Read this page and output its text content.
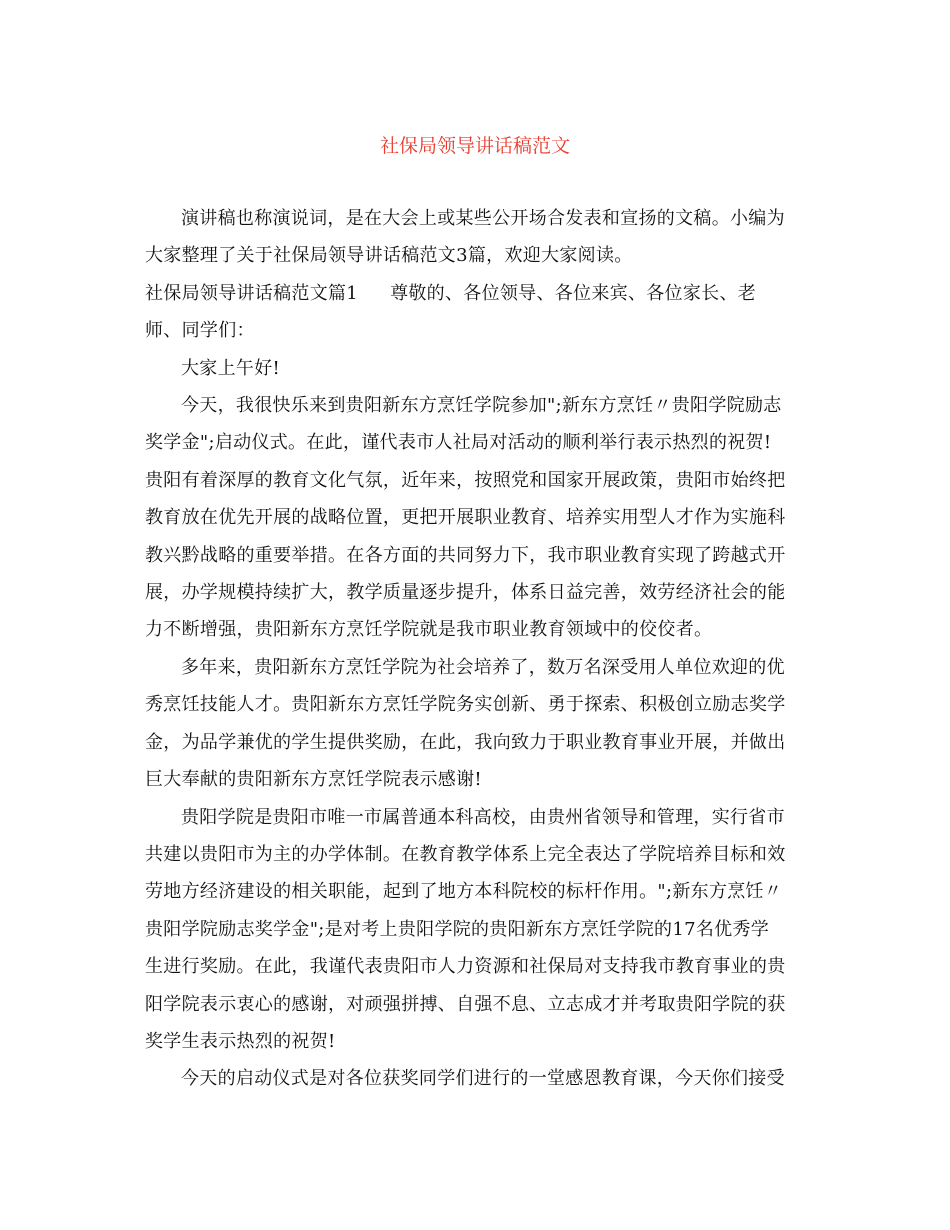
社保局领导讲话稿范文

演讲稿也称演说词，是在大会上或某些公开场合发表和宣扬的文稿。小编为
大家整理了关于社保局领导讲话稿范文3篇，欢迎大家阅读。

社保局领导讲话稿范文篇1 尊敬的、各位领导、各位来宾、各位家长、老
师、同学们：

大家上午好!

今天，我很快乐来到贵阳新东方烹饪学院参加";新东方烹饪〃贵阳学院励志
奖学金";启动仪式。在此，谨代表市人社局对活动的顺利举行表示热烈的祝贺!
贵阳有着深厚的教育文化气氛，近年来，按照党和国家开展政策，贵阳市始终把
教育放在优先开展的战略位置，更把开展职业教育、培养实用型人才作为实施科
教兴黔战略的重要举措。在各方面的共同努力下，我市职业教育实现了跨越式开
展，办学规模持续扩大，教学质量逐步提升，体系日益完善，效劳经济社会的能
力不断增强，贵阳新东方烹饪学院就是我市职业教育领域中的佼佼者。

多年来，贵阳新东方烹饪学院为社会培养了，数万名深受用人单位欢迎的优
秀烹饪技能人才。贵阳新东方烹饪学院务实创新、勇于探索、积极创立励志奖学
金，为品学兼优的学生提供奖励，在此，我向致力于职业教育事业开展，并做出
巨大奉献的贵阳新东方烹饪学院表示感谢!

贵阳学院是贵阳市唯一市属普通本科高校，由贵州省领导和管理，实行省市
共建以贵阳市为主的办学体制。在教育教学体系上完全表达了学院培养目标和效
劳地方经济建设的相关职能，起到了地方本科院校的标杆作用。";新东方烹饪〃
贵阳学院励志奖学金";是对考上贵阳学院的贵阳新东方烹饪学院的17名优秀学
生进行奖励。在此，我谨代表贵阳市人力资源和社保局对支持我市教育事业的贵
阳学院表示衷心的感谢，对顽强拼搏、自强不息、立志成才并考取贵阳学院的获
奖学生表示热烈的祝贺!

今天的启动仪式是对各位获奖同学们进行的一堂感恩教育课，今天你们接受
